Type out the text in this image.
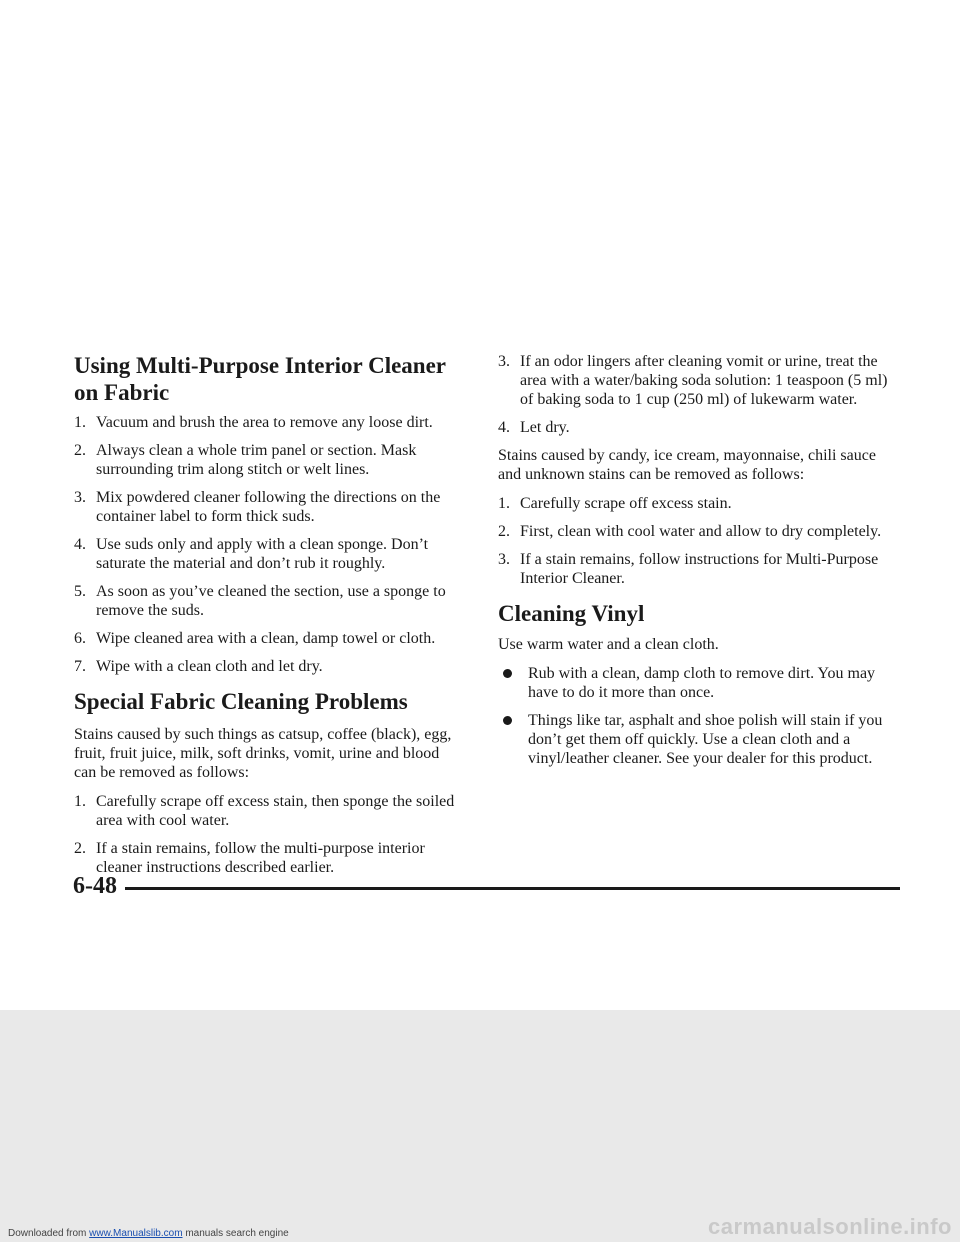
Using Multi-Purpose Interior Cleaner on Fabric
1. Vacuum and brush the area to remove any loose dirt.
2. Always clean a whole trim panel or section. Mask surrounding trim along stitch or welt lines.
3. Mix powdered cleaner following the directions on the container label to form thick suds.
4. Use suds only and apply with a clean sponge. Don’t saturate the material and don’t rub it roughly.
5. As soon as you’ve cleaned the section, use a sponge to remove the suds.
6. Wipe cleaned area with a clean, damp towel or cloth.
7. Wipe with a clean cloth and let dry.
Special Fabric Cleaning Problems

Stains caused by such things as catsup, coffee (black), egg, fruit, fruit juice, milk, soft drinks, vomit, urine and blood can be removed as follows:

1. Carefully scrape off excess stain, then sponge the soiled area with cool water.
2. If a stain remains, follow the multi-purpose interior cleaner instructions described earlier.
3. If an odor lingers after cleaning vomit or urine, treat the area with a water/baking soda solution: 1 teaspoon (5 ml) of baking soda to 1 cup (250 ml) of lukewarm water.
4. Let dry.

Stains caused by candy, ice cream, mayonnaise, chili sauce and unknown stains can be removed as follows:

1. Carefully scrape off excess stain.
2. First, clean with cool water and allow to dry completely.
3. If a stain remains, follow instructions for Multi-Purpose Interior Cleaner.
Cleaning Vinyl

Use warm water and a clean cloth.

Rub with a clean, damp cloth to remove dirt. You may have to do it more than once.
Things like tar, asphalt and shoe polish will stain if you don’t get them off quickly. Use a clean cloth and a vinyl/leather cleaner. See your dealer for this product.
6-48
Downloaded from www.Manualslib.com manuals search engine	carmanualsonline.info
